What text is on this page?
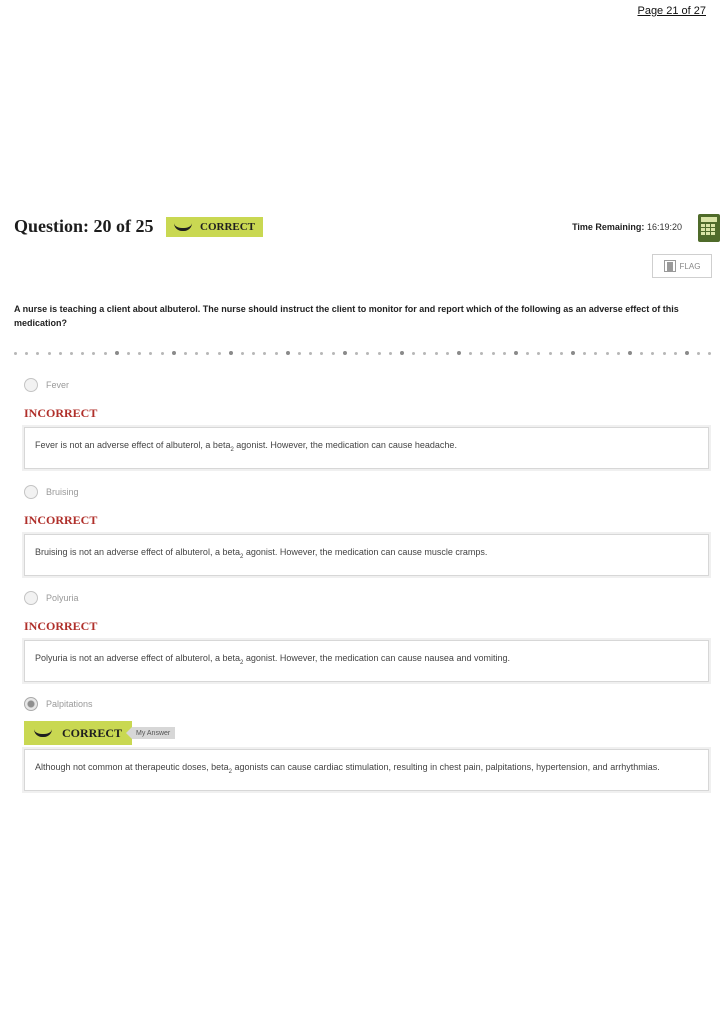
Page 21 of 27
Question: 20 of 25	CORRECT	Time Remaining: 16:19:20
FLAG
A nurse is teaching a client about albuterol. The nurse should instruct the client to monitor for and report which of the following as an adverse effect of this medication?
Fever
INCORRECT
Fever is not an adverse effect of albuterol, a beta$_2$ agonist. However, the medication can cause headache.
Bruising
INCORRECT
Bruising is not an adverse effect of albuterol, a beta$_2$ agonist. However, the medication can cause muscle cramps.
Polyuria
INCORRECT
Polyuria is not an adverse effect of albuterol, a beta$_2$ agonist. However, the medication can cause nausea and vomiting.
Palpitations
CORRECT	My Answer
Although not common at therapeutic doses, beta$_2$ agonists can cause cardiac stimulation, resulting in chest pain, palpitations, hypertension, and arrhythmias.
